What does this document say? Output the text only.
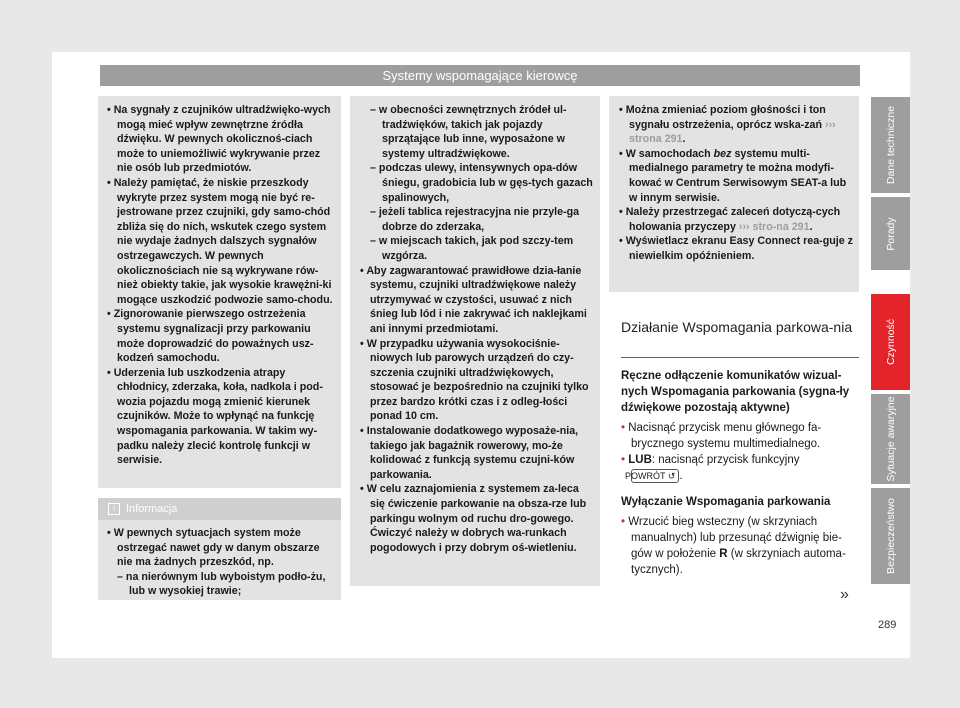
Systemy wspomagające kierowcę

• Na sygnały z czujników ultradźwięko-wych mogą mieć wpływ zewnętrzne źródła dźwięku. W pewnych okolicznoś-ciach może to uniemożliwić wykrywanie przez nie osób lub przedmiotów.

• Należy pamiętać, że niskie przeszkody wykryte przez system mogą nie być re-jestrowane przez czujniki, gdy samo-chód zbliża się do nich, wskutek czego system nie wydaje żadnych dalszych sygnałów ostrzegawczych. W pewnych okolicznościach nie są wykrywane rów-nież obiekty takie, jak wysokie krawężni-ki mogące uszkodzić podwozie samo-chodu.

• Zignorowanie pierwszego ostrzeżenia systemu sygnalizacji przy parkowaniu może doprowadzić do poważnych usz-kodzeń samochodu.

• Uderzenia lub uszkodzenia atrapy chłodnicy, zderzaka, koła, nadkola i pod-wozia pojazdu mogą zmienić kierunek czujników. Może to wpłynąć na funkcję wspomagania parkowania. W takim wy-padku należy zlecić kontrolę funkcji w serwisie.

i Informacja

• W pewnych sytuacjach system może ostrzegać nawet gdy w danym obszarze nie ma żadnych przeszkód, np.

– na nierównym lub wyboistym podło-żu, lub w wysokiej trawie;

– w obecności zewnętrznych źródeł ul-tradźwięków, takich jak pojazdy sprzątające lub inne, wyposażone w systemy ultradźwiękowe.

– podczas ulewy, intensywnych opa-dów śniegu, gradobicia lub w gęs-tych gazach spalinowych,

– jeżeli tablica rejestracyjna nie przyle-ga dobrze do zderzaka,

– w miejscach takich, jak pod szczy-tem wzgórza.

• Aby zagwarantować prawidłowe dzia-łanie systemu, czujniki ultradźwiękowe należy utrzymywać w czystości, usuwać z nich śnieg lub lód i nie zakrywać ich naklejkami ani innymi przedmiotami.

• W przypadku używania wysokociśnie-niowych lub parowych urządzeń do czy-szczenia czujniki ultradźwiękowych, stosować je bezpośrednio na czujniki tylko przez bardzo krótki czas i z odleg-łości ponad 10 cm.

• Instalowanie dodatkowego wyposaże-nia, takiego jak bagażnik rowerowy, mo-że kolidować z funkcją systemu czujni-ków parkowania.

• W celu zaznajomienia z systemem za-leca się ćwiczenie parkowanie na obsza-rze lub parkingu wolnym od ruchu dro-gowego. Ćwiczyć należy w dobrych wa-runkach pogodowych i przy dobrym oś-wietleniu.

• Można zmieniać poziom głośności i ton sygnału ostrzeżenia, oprócz wska-zań ››› strona 291.

• W samochodach bez systemu multi-medialnego parametry te można modyfi-kować w Centrum Serwisowym SEAT-a lub w innym serwisie.

• Należy przestrzegać zaleceń dotyczą-cych holowania przyczepy ››› stro-na 291.

• Wyświetlacz ekranu Easy Connect rea-guje z niewielkim opóźnieniem.

Działanie Wspomagania parkowa-nia

Ręczne odłączenie komunikatów wizual-nych Wspomagania parkowania (sygna-ły dźwiękowe pozostają aktywne)

• Nacisnąć przycisk menu głównego fa-brycznego systemu multimedialnego.

• LUB: nacisnąć przycisk funkcyjny
POWRÓT ↺ .

Wyłączanie Wspomagania parkowania

• Wrzucić bieg wsteczny (w skrzyniach manualnych) lub przesunąć dźwignię bie-gów w położenie R (w skrzyniach automa-tycznych).

»
289
Dane techniczne
Porady
Czynność
Sytuacje awaryjne
Bezpieczeństwo
